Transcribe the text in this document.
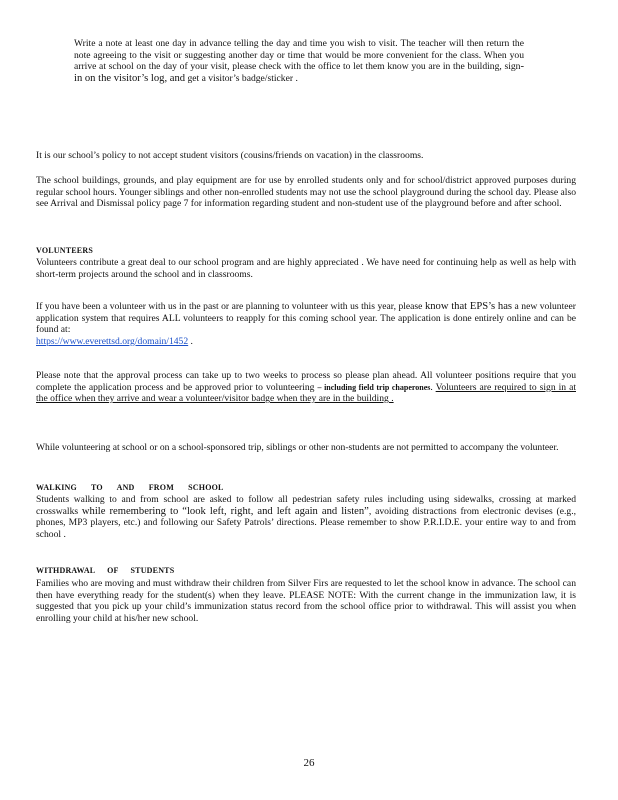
Write a note at least one day in advance telling the day and time you wish to visit. The teacher will then return the note agreeing to the visit or suggesting another day or time that would be more convenient for the class. When you arrive at school on the day of your visit, please check with the office to let them know you are in the building, sign-in on the visitor’s log, and get a visitor’s badge/sticker .

It is our school’s policy to not accept student visitors (cousins/friends on vacation) in the classrooms.

The school buildings, grounds, and play equipment are for use by enrolled students only and for school/district approved purposes during regular school hours. Younger siblings and other non-enrolled students may not use the school playground during the school day. Please also see Arrival and Dismissal policy page 7 for information regarding student and non-student use of the playground before and after school.

VOLUNTEERS

Volunteers contribute a great deal to our school program and are highly appreciated . We have need for continuing help as well as help with short-term projects around the school and in classrooms.

If you have been a volunteer with us in the past or are planning to volunteer with us this year, please know that EPS’s has a new volunteer application system that requires ALL volunteers to reapply for this coming school year. The application is done entirely online and can be found at:
https://www.everettsd.org/domain/1452 .

Please note that the approval process can take up to two weeks to process so please plan ahead. All volunteer positions require that you complete the application process and be approved prior to volunteering – including field trip chaperones. Volunteers are required to sign in at the office when they arrive and wear a volunteer/visitor badge when they are in the building .

While volunteering at school or on a school-sponsored trip, siblings or other non-students are not permitted to accompany the volunteer.

WALKING TO AND FROM SCHOOL

Students walking to and from school are asked to follow all pedestrian safety rules including using sidewalks, crossing at marked crosswalks while remembering to “look left, right, and left again and listen”, avoiding distractions from electronic devises (e.g., phones, MP3 players, etc.) and following our Safety Patrols’ directions. Please remember to show P.R.I.D.E. your entire way to and from school .

WITHDRAWAL OF STUDENTS

Families who are moving and must withdraw their children from Silver Firs are requested to let the school know in advance. The school can then have everything ready for the student(s) when they leave. PLEASE NOTE: With the current change in the immunization law, it is suggested that you pick up your child’s immunization status record from the school office prior to withdrawal. This will assist you when enrolling your child at his/her new school.

26
